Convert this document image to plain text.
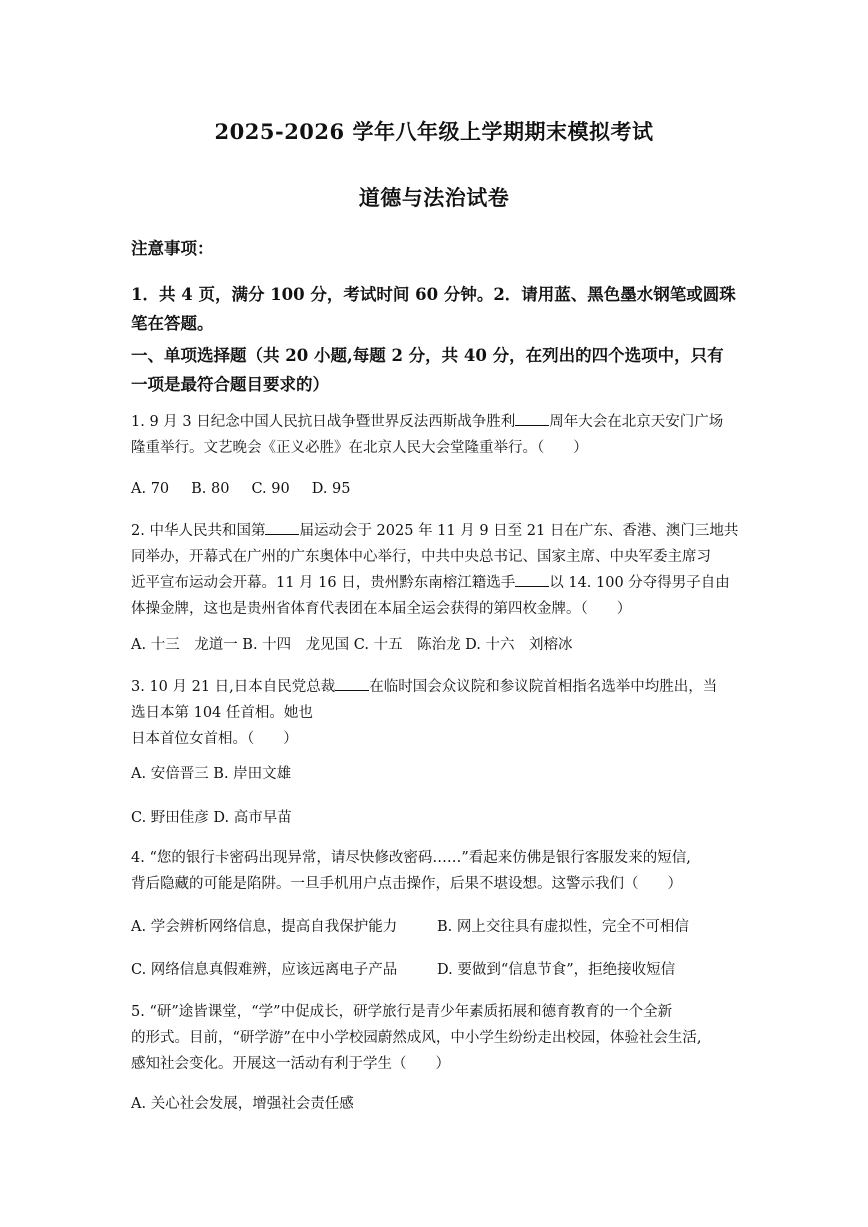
2025-2026 学年八年级上学期期末模拟考试
道德与法治试卷
注意事项：
1．共 4 页，满分 100 分，考试时间 60 分钟。2．请用蓝、黑色墨水钢笔或圆珠
笔在答题。
一、单项选择题（共 20 小题,每题 2 分，共 40 分，在列出的四个选项中，只有
一项是最符合题目要求的）
1. 9 月 3 日纪念中国人民抗日战争暨世界反法西斯战争胜利 周年大会在北京天安门广场
隆重举行。文艺晚会《正义必胜》在北京人民大会堂隆重举行。（　　）
A. 70 B. 80 C. 90 D. 95
2. 中华人民共和国第 届运动会于 2025 年 11 月 9 日至 21 日在广东、香港、澳门三地共
同举办，开幕式在广州的广东奥体中心举行，中共中央总书记、国家主席、中央军委主席习
近平宣布运动会开幕。11 月 16 日，贵州黔东南榕江籍选手 以 14. 100 分夺得男子自由
体操金牌，这也是贵州省体育代表团在本届全运会获得的第四枚金牌。（　　）
A. 十三　龙道一 B. 十四　龙见国 C. 十五　陈治龙 D. 十六　刘榕冰
3. 10 月 21 日,日本自民党总裁 在临时国会众议院和参议院首相指名选举中均胜出，当
选日本第 104 任首相。她也
日本首位女首相。（　　）
A. 安倍晋三 B. 岸田文雄
C. 野田佳彦 D. 高市早苗
4. “您的银行卡密码出现异常，请尽快修改密码……”看起来仿佛是银行客服发来的短信,
背后隐藏的可能是陷阱。一旦手机用户点击操作，后果不堪设想。这警示我们（　　）
A. 学会辨析网络信息，提高自我保护能力	B. 网上交往具有虚拟性，完全不可相信
C. 网络信息真假难辨，应该远离电子产品	D. 要做到“信息节食”，拒绝接收短信
5. “研”途皆课堂，“学”中促成长，研学旅行是青少年素质拓展和德育教育的一个全新
的形式。目前，“研学游”在中小学校园蔚然成风，中小学生纷纷走出校园，体验社会生活,
感知社会变化。开展这一活动有利于学生（　　）
A. 关心社会发展，增强社会责任感
